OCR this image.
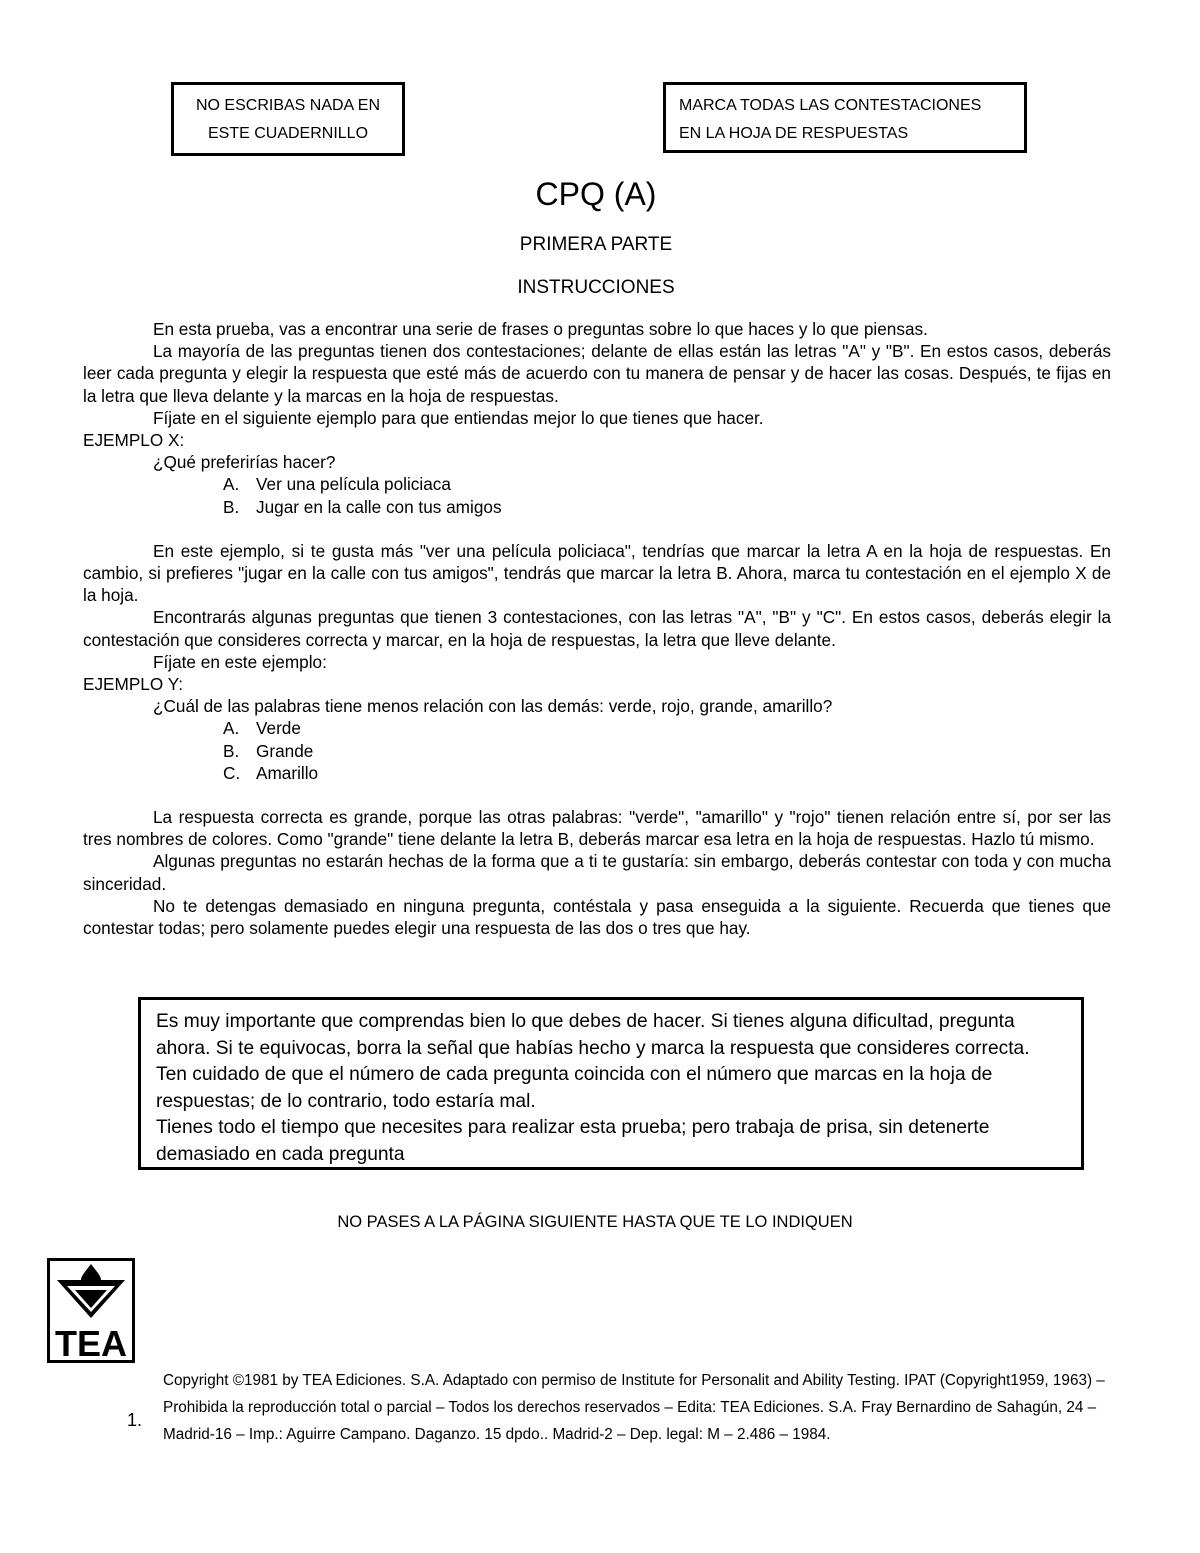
NO ESCRIBAS NADA EN
ESTE CUADERNILLO
MARCA TODAS LAS CONTESTACIONES
EN LA HOJA DE RESPUESTAS
CPQ (A)
PRIMERA PARTE
INSTRUCCIONES

En esta prueba, vas a encontrar una serie de frases o preguntas sobre lo que haces y lo que piensas.

La mayoría de las preguntas tienen dos contestaciones; delante de ellas están las letras "A" y "B". En estos casos, deberás leer cada pregunta y elegir la respuesta que esté más de acuerdo con tu manera de pensar y de hacer las cosas. Después, te fijas en la letra que lleva delante y la marcas en la hoja de respuestas.

Fíjate en el siguiente ejemplo para que entiendas mejor lo que tienes que hacer.

EJEMPLO X:

¿Qué preferirías hacer?

A. Ver una película policiaca

B. Jugar en la calle con tus amigos

En este ejemplo, si te gusta más "ver una película policiaca", tendrías que marcar la letra A en la hoja de respuestas. En cambio, si prefieres "jugar en la calle con tus amigos", tendrás que marcar la letra B. Ahora, marca tu contestación en el ejemplo X de la hoja.

Encontrarás algunas preguntas que tienen 3 contestaciones, con las letras "A", "B" y "C". En estos casos, deberás elegir la contestación que consideres correcta y marcar, en la hoja de respuestas, la letra que lleve delante.

Fíjate en este ejemplo:

EJEMPLO Y:

¿Cuál de las palabras tiene menos relación con las demás: verde, rojo, grande, amarillo?

A. Verde

B. Grande

C. Amarillo

La respuesta correcta es grande, porque las otras palabras: "verde", "amarillo" y "rojo" tienen relación entre sí, por ser las tres nombres de colores. Como "grande" tiene delante la letra B, deberás marcar esa letra en la hoja de respuestas. Hazlo tú mismo.

Algunas preguntas no estarán hechas de la forma que a ti te gustaría: sin embargo, deberás contestar con toda y con mucha sinceridad.

No te detengas demasiado en ninguna pregunta, contéstala y pasa enseguida a la siguiente. Recuerda que tienes que contestar todas; pero solamente puedes elegir una respuesta de las dos o tres que hay.

Es muy importante que comprendas bien lo que debes de hacer. Si tienes alguna dificultad, pregunta ahora. Si te equivocas, borra la señal que habías hecho y marca la respuesta que consideres correcta. Ten cuidado de que el número de cada pregunta coincida con el número que marcas en la hoja de respuestas; de lo contrario, todo estaría mal.

Tienes todo el tiempo que necesites para realizar esta prueba; pero trabaja de prisa, sin detenerte demasiado en cada pregunta

NO PASES A LA PÁGINA SIGUIENTE HASTA QUE TE LO INDIQUEN
TEA
1.
Copyright ©1981 by TEA Ediciones. S.A. Adaptado con permiso de Institute for Personalit and Ability Testing. IPAT (Copyright1959, 1963) – Prohibida la reproducción total o parcial – Todos los derechos reservados – Edita: TEA Ediciones. S.A. Fray Bernardino de Sahagún, 24 – Madrid-16 – Imp.: Aguirre Campano. Daganzo. 15 dpdo.. Madrid-2 – Dep. legal: M – 2.486 – 1984.
